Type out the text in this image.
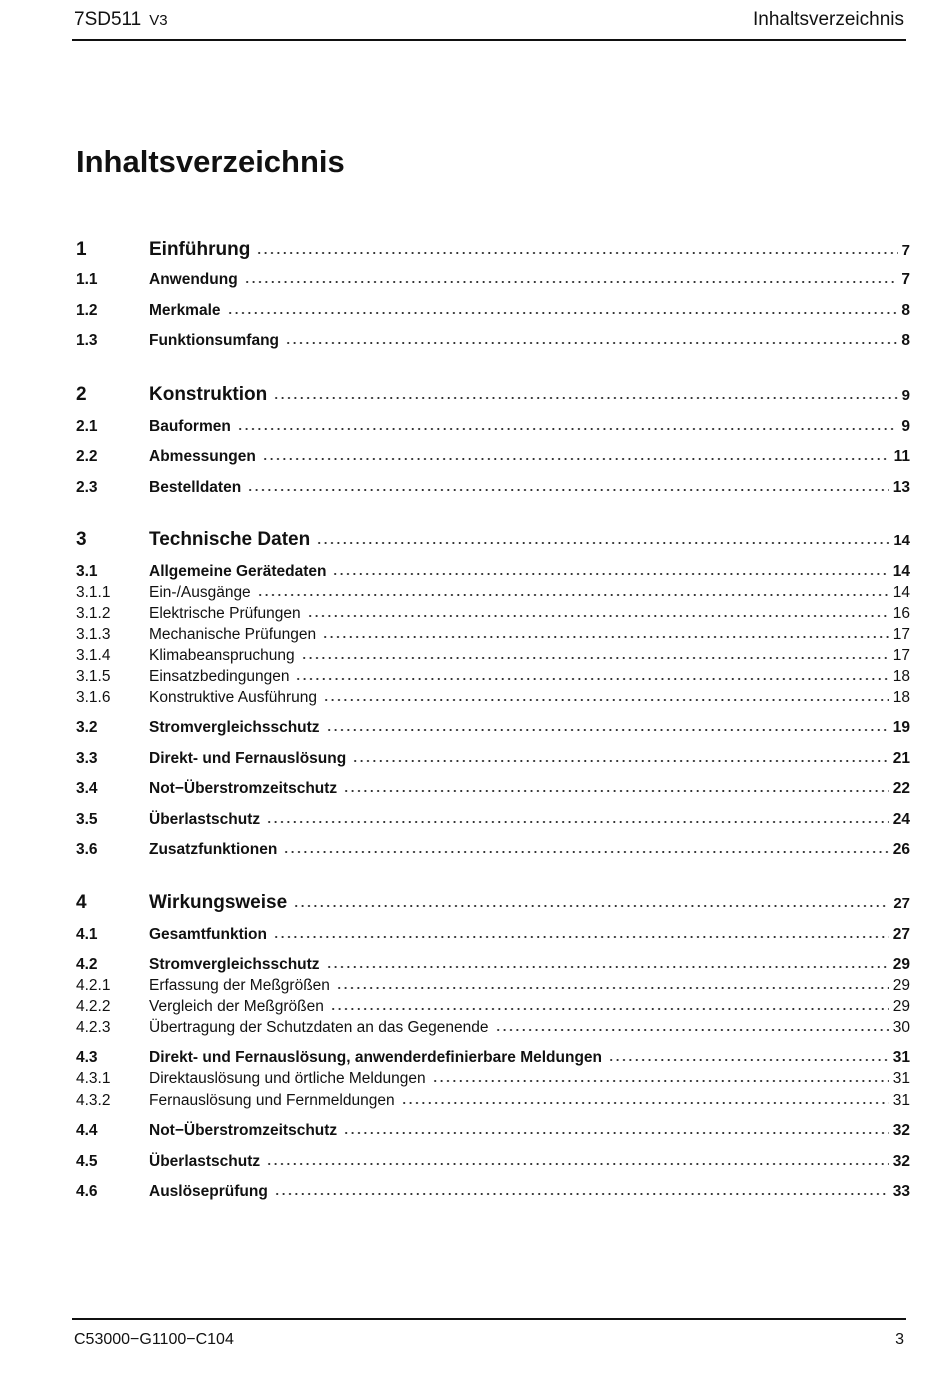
7SD511 V3	Inhaltsverzeichnis
Inhaltsverzeichnis
1	Einführung	7
1.1	Anwendung	7
1.2	Merkmale	8
1.3	Funktionsumfang	8
2	Konstruktion	9
2.1	Bauformen	9
2.2	Abmessungen	11
2.3	Bestelldaten	13
3	Technische Daten	14
3.1	Allgemeine Gerätedaten	14
3.1.1	Ein-/Ausgänge	14
3.1.2	Elektrische Prüfungen	16
3.1.3	Mechanische Prüfungen	17
3.1.4	Klimabeanspruchung	17
3.1.5	Einsatzbedingungen	18
3.1.6	Konstruktive Ausführung	18
3.2	Stromvergleichsschutz	19
3.3	Direkt- und Fernauslösung	21
3.4	Not−Überstromzeitschutz	22
3.5	Überlastschutz	24
3.6	Zusatzfunktionen	26
4	Wirkungsweise	27
4.1	Gesamtfunktion	27
4.2	Stromvergleichsschutz	29
4.2.1	Erfassung der Meßgrößen	29
4.2.2	Vergleich der Meßgrößen	29
4.2.3	Übertragung der Schutzdaten an das Gegenende	30
4.3	Direkt- und Fernauslösung, anwenderdefinierbare Meldungen	31
4.3.1	Direktauslösung und örtliche Meldungen	31
4.3.2	Fernauslösung und Fernmeldungen	31
4.4	Not−Überstromzeitschutz	32
4.5	Überlastschutz	32
4.6	Auslöseprüfung	33
C53000−G1100−C104	3
